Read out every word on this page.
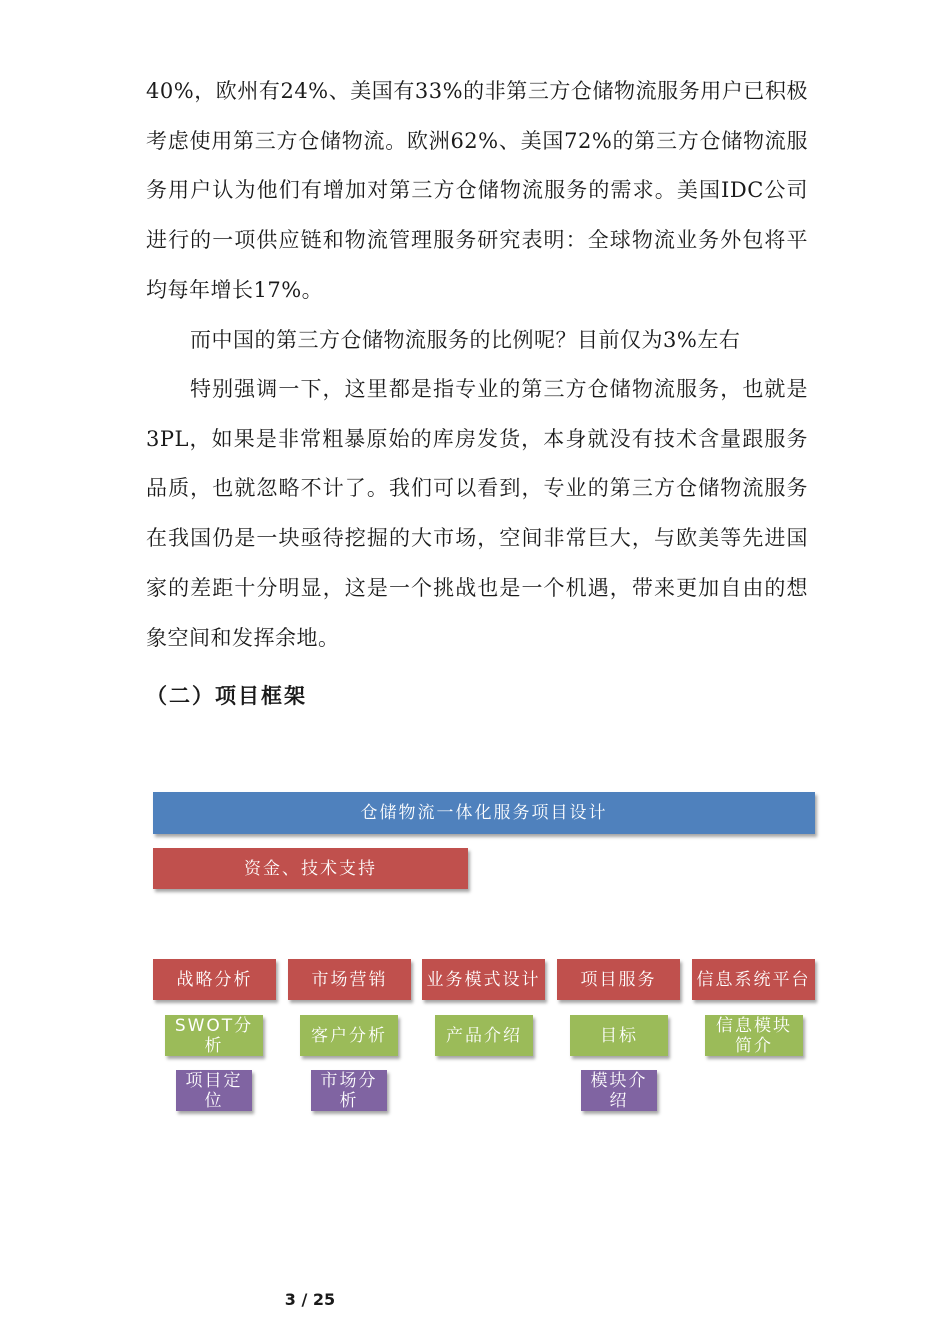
40%，欧州有24%、美国有33%的非第三方仓储物流服务用户已积极考虑使用第三方仓储物流。欧洲62%、美国72%的第三方仓储物流服务用户认为他们有增加对第三方仓储物流服务的需求。美国IDC公司进行的一项供应链和物流管理服务研究表明：全球物流业务外包将平均每年增长17%。
而中国的第三方仓储物流服务的比例呢？目前仅为3%左右
特别强调一下，这里都是指专业的第三方仓储物流服务，也就是3PL，如果是非常粗暴原始的库房发货，本身就没有技术含量跟服务品质，也就忽略不计了。我们可以看到，专业的第三方仓储物流服务在我国仍是一块亟待挖掘的大市场，空间非常巨大，与欧美等先进国家的差距十分明显，这是一个挑战也是一个机遇，带来更加自由的想象空间和发挥余地。
（二）项目框架
仓储物流一体化服务项目设计
资金、技术支持
战略分析
SWOT分析
项目定位
市场营销
客户分析
市场分析
业务模式设计
产品介绍
项目服务
目标
模块介绍
信息系统平台
信息模块简介
3 / 25
